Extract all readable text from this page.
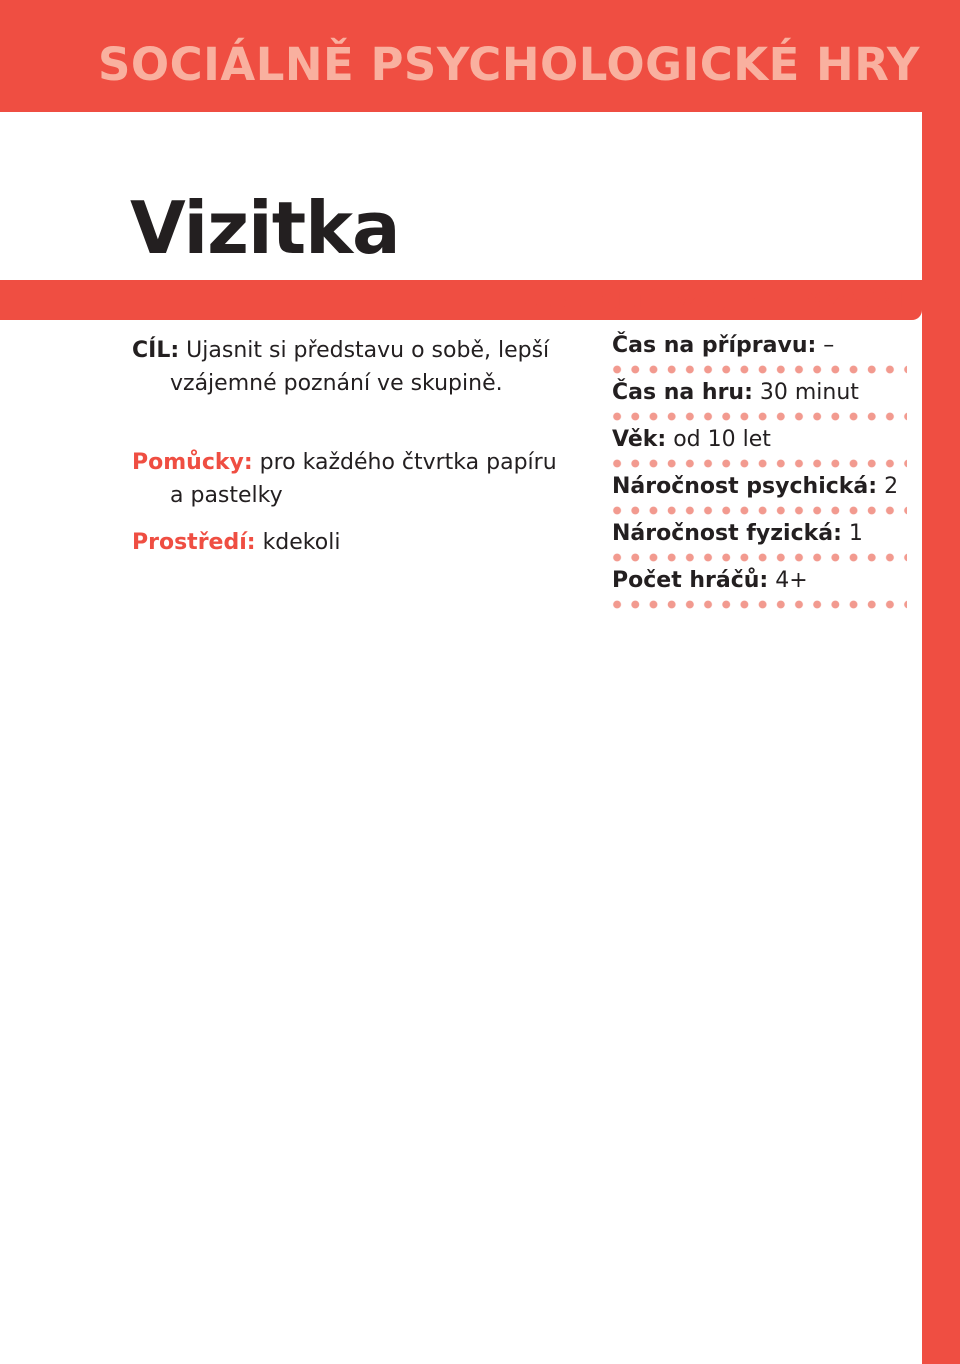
SOCIÁLNĚ PSYCHOLOGICKÉ HRY
Vizitka
SEBEPOJETÍ, VZÁJEMNÉ POZNÁNÍ

CÍL: Ujasnit si představu o sobě, lepší vzájemné poznání ve skupině.

Pomůcky: pro každého čtvrtka papíru a pastelky

Prostředí: kdekoli

Čas na přípravu: –
Čas na hru: 30 minut
Věk: od 10 let
Náročnost psychická: 2
Náročnost fyzická: 1
Počet hráčů: 4+
